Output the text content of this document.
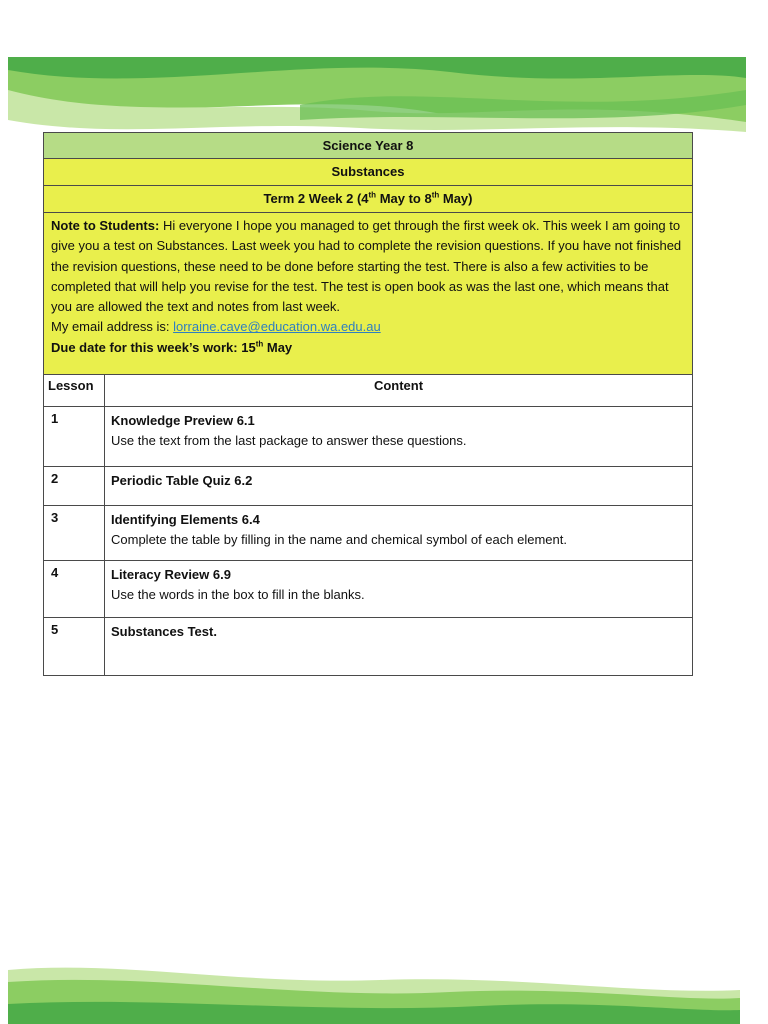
Science Year 8	
Substances	
Term 2 Week 2 (4th May to 8th May)	
Note to Students: Hi everyone I hope you managed to get through the first week ok. This week I am going to give you a test on Substances. Last week you had to complete the revision questions. If you have not finished the revision questions, these need to be done before starting the test. There is also a few activities to be completed that will help you revise for the test. The test is open book as was the last one, which means that you are allowed the text and notes from last week.
My email address is: lorraine.cave@education.wa.edu.au
Due date for this week’s work: 15th May	
Lesson	Content
1	Knowledge Preview 6.1
Use the text from the last package to answer these questions.

2	Periodic Table Quiz 6.2

3	Identifying Elements 6.4
Complete the table by filling in the name and chemical symbol of each element.

4	Literacy Review 6.9
Use the words in the box to fill in the blanks.

5	Substances Test.
